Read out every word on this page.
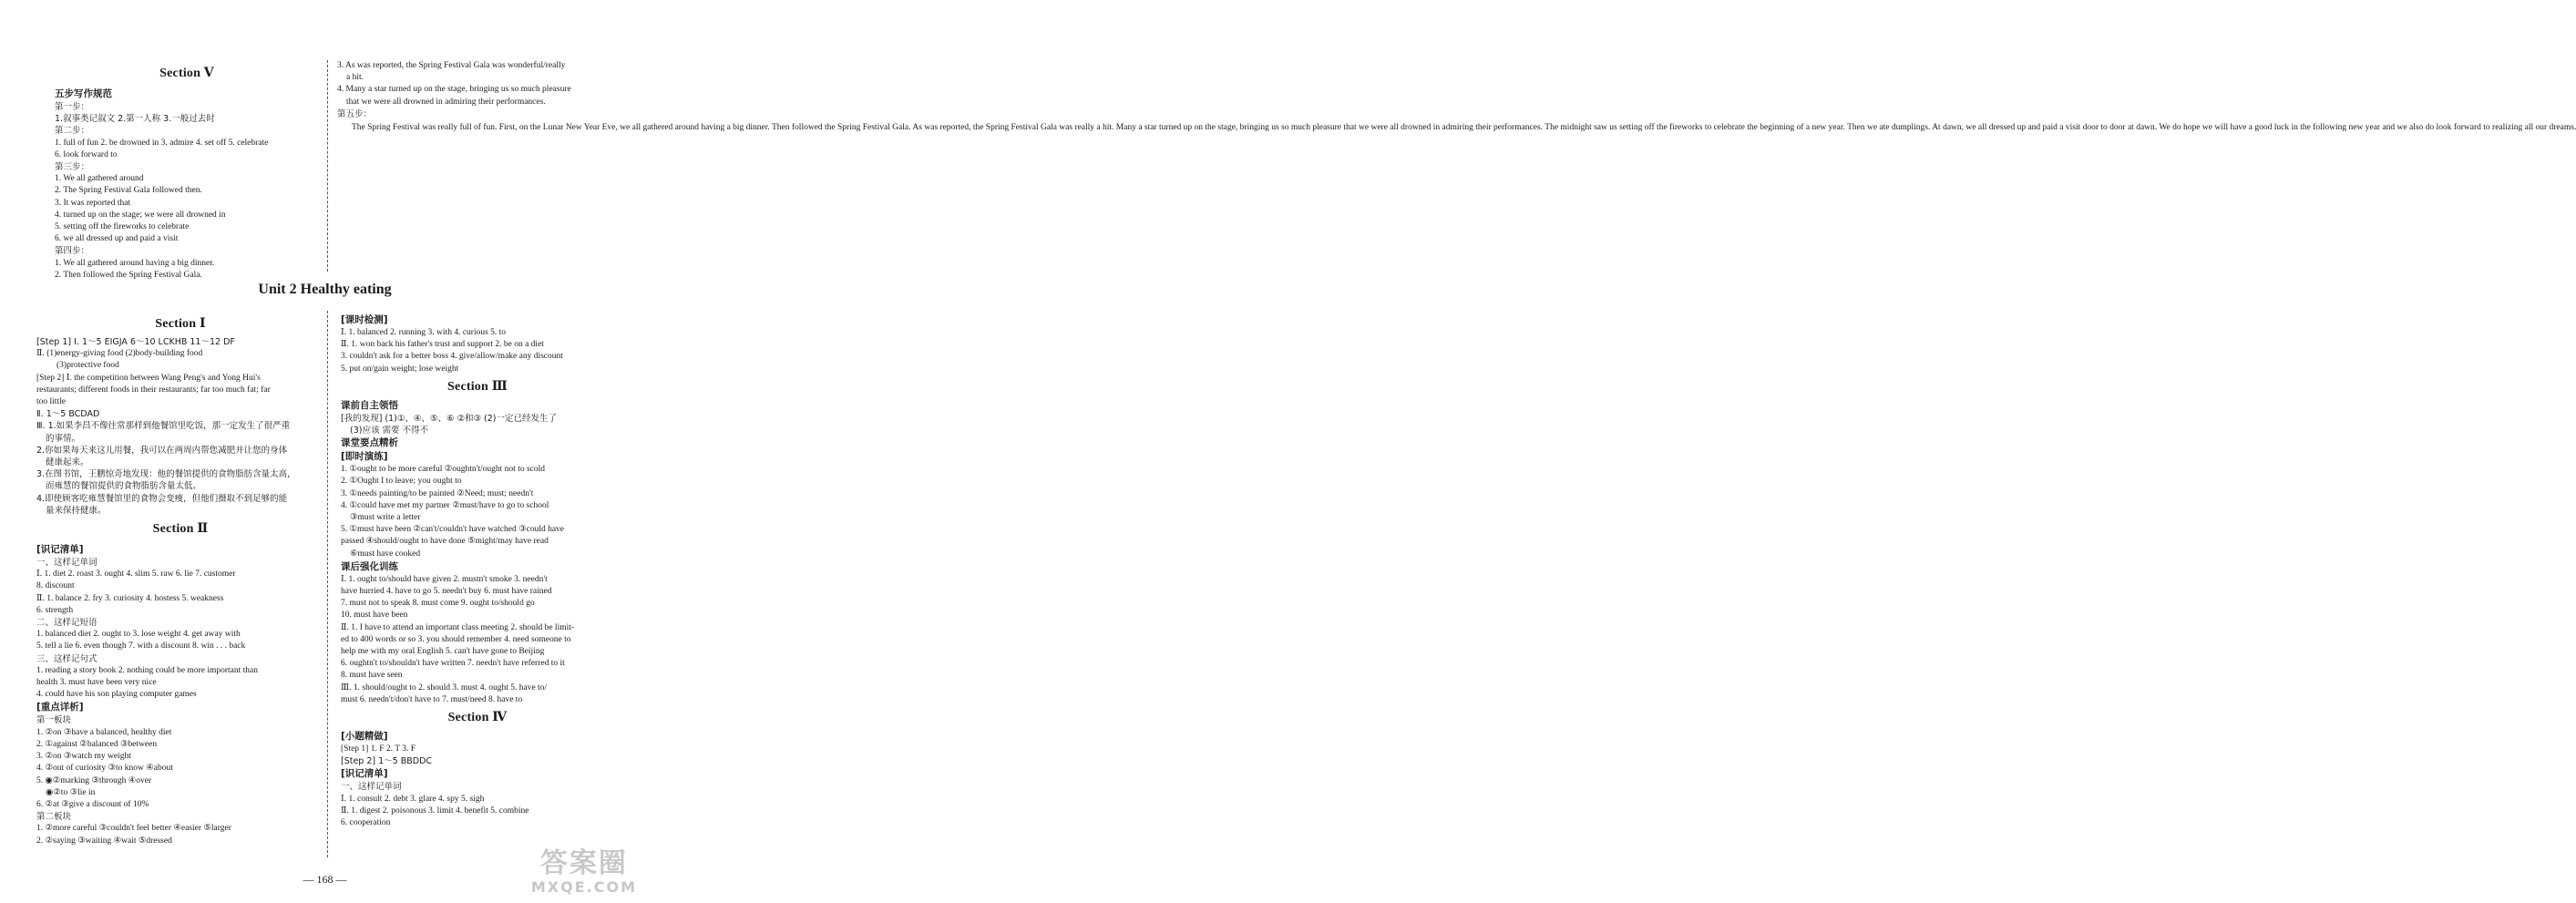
Section Ⅴ
五步写作规范
第一步：
1.叙事类记叙文 2.第一人称 3.一般过去时
第二步：
1. full of fun 2. be drowned in 3. admire 4. set off 5. celebrate
6. look forward to
第三步：
1. We all gathered around
2. The Spring Festival Gala followed then.
3. It was reported that
4. turned up on the stage; we were all drowned in
5. setting off the fireworks to celebrate
6. we all dressed up and paid a visit
第四步：
1. We all gathered around having a big dinner.
2. Then followed the Spring Festival Gala.
3. As was reported, the Spring Festival Gala was wonderful/really
a hit.
4. Many a star turned up on the stage, bringing us so much pleasure
that we were all drowned in admiring their performances.
第五步：
The Spring Festival was really full of fun. First, on the Lunar New Year Eve, we all gathered around having a big dinner. Then followed the Spring Festival Gala. As was reported, the Spring Festival Gala was really a hit. Many a star turned up on the stage, bringing us so much pleasure that we were all drowned in admiring their performances. The midnight saw us setting off the fireworks to celebrate the beginning of a new year. Then we ate dumplings. At dawn, we all dressed up and paid a visit door to door at dawn. We do hope we will have a good luck in the following new year and we also do look forward to realizing all our dreams.
Unit 2 Healthy eating
Section Ⅰ
[Step 1] Ⅰ. 1～5 EIGJA 6～10 LCKHB 11～12 DF
Ⅱ. (1)energy-giving food (2)body-building food
(3)protective food
[Step 2] Ⅰ. the competition between Wang Peng's and Yong Hui's
restaurants; different foods in their restaurants; far too much fat; far
too little
Ⅱ. 1～5 BCDAD
Ⅲ. 1.如果李昌不像往常那样到他餐馆里吃饭，那一定发生了很严重
的事情。
2.你如果每天来这儿用餐，我可以在两周内帮您减肥并让您的身体
健康起来。
3.在图书馆，王鹏惊奇地发现：他的餐馆提供的食物脂肪含量太高，
而雍慧的餐馆提供的食物脂肪含量太低。
4.即使顾客吃雍慧餐馆里的食物会变瘦，但他们摄取不到足够的能
量来保持健康。
Section Ⅱ
[识记清单]
一、这样记单词
Ⅰ. 1. diet 2. roast 3. ought 4. slim 5. raw 6. lie 7. customer
8. discount
Ⅱ. 1. balance 2. fry 3. curiosity 4. hostess 5. weakness
6. strength
二、这样记短语
1. balanced diet 2. ought to 3. lose weight 4. get away with
5. tell a lie 6. even though 7. with a discount 8. win . . . back
三、这样记句式
1. reading a story book 2. nothing could be more important than
health 3. must have been very nice
4. could have his son playing computer games
[重点详析]
第一板块
1. ②on ③have a balanced, healthy diet
2. ①against ②balanced ③between
3. ②on ③watch my weight
4. ②out of curiosity ③to know ④about
5. ◉②marking ③through ④over
◉②to ③lie in
6. ②at ③give a discount of 10%
第二板块
1. ②more careful ③couldn't feel better ④easier ⑤larger
2. ②saying ③waiting ④wait ⑤dressed
[课时检测]
Ⅰ. 1. balanced 2. running 3. with 4. curious 5. to
Ⅱ. 1. won back his father's trust and support 2. be on a diet
3. couldn't ask for a better boss 4. give/allow/make any discount
5. put on/gain weight; lose weight
Section Ⅲ
课前自主领悟
[我的发现] (1)①、④、⑤、⑥ ②和③ (2)一定已经发生了
(3)应该 需要 不得不
课堂要点精析
[即时演练]
1. ①ought to be more careful ②oughtn't/ought not to scold
2. ①Ought I to leave; you ought to
3. ①needs painting/to be painted ②Need; must; needn't
4. ①could have met my partner ②must/have to go to school
③must write a letter
5. ①must have been ②can't/couldn't have watched ③could have
passed ④should/ought to have done ⑤might/may have read
⑥must have cooked
课后强化训练
Ⅰ. 1. ought to/should have given 2. mustn't smoke 3. needn't
have hurried 4. have to go 5. needn't buy 6. must have rained
7. must not to speak 8. must come 9. ought to/should go
10. must have been
Ⅱ. 1. I have to attend an important class meeting 2. should be limit-
ed to 400 words or so 3. you should remember 4. need someone to
help me with my oral English 5. can't have gone to Beijing
6. oughtn't to/shouldn't have written 7. needn't have referred to it
8. must have seen
Ⅲ. 1. should/ought to 2. should 3. must 4. ought 5. have to/
must 6. needn't/don't have to 7. must/need 8. have to
Section Ⅳ
[小题精做]
[Step 1] 1. F 2. T 3. F
[Step 2] 1～5 BBDDC
[识记清单]
一、这样记单词
Ⅰ. 1. consult 2. debt 3. glare 4. spy 5. sigh
Ⅱ. 1. digest 2. poisonous 3. limit 4. benefit 5. combine
6. cooperation
— 168 —	答案圈
MXQE.COM
